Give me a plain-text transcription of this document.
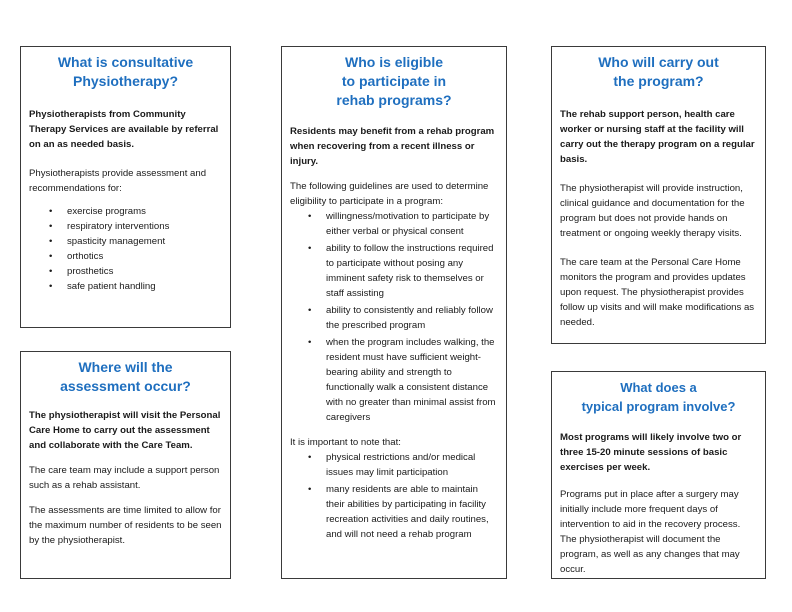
What is consultative
Physiotherapy?

Physiotherapists from Community Therapy Services are available by referral on an as needed basis.

Physiotherapists provide assessment and recommendations for:

• exercise programs
• respiratory interventions
• spasticity management
• orthotics
• prosthetics
• safe patient handling
Where will the
assessment occur?

The physiotherapist will visit the Personal Care Home to carry out the assessment and collaborate with the Care Team.

The care team may include a support person such as a rehab assistant.

The assessments are time limited to allow for the maximum number of residents to be seen by the physiotherapist.

Who is eligible
to participate in
rehab programs?

Residents may benefit from a rehab program when recovering from a recent illness or injury.

The following guidelines are used to determine eligibility to participate in a program:

• willingness/motivation to participate by either verbal or physical consent
• ability to follow the instructions required to participate without posing any imminent safety risk to themselves or staff assisting
• ability to consistently and reliably follow the prescribed program
• when the program includes walking, the resident must have sufficient weight-bearing ability and strength to functionally walk a consistent distance with no greater than minimal assist from caregivers

It is important to note that:

• physical restrictions and/or medical issues may limit participation
• many residents are able to maintain their abilities by participating in facility recreation activities and daily routines, and will not need a rehab program
Who will carry out
the program?

The rehab support person, health care worker or nursing staff at the facility will carry out the therapy program on a regular basis.

The physiotherapist will provide instruction, clinical guidance and documentation for the program but does not provide hands on treatment or ongoing weekly therapy visits.

The care team at the Personal Care Home monitors the program and provides updates upon request. The physiotherapist provides follow up visits and will make modifications as needed.

What does a
typical program involve?

Most programs will likely involve two or three 15-20 minute sessions of basic exercises per week.

Programs put in place after a surgery may initially include more frequent days of intervention to aid in the recovery process. The physiotherapist will document the program, as well as any changes that may occur.
